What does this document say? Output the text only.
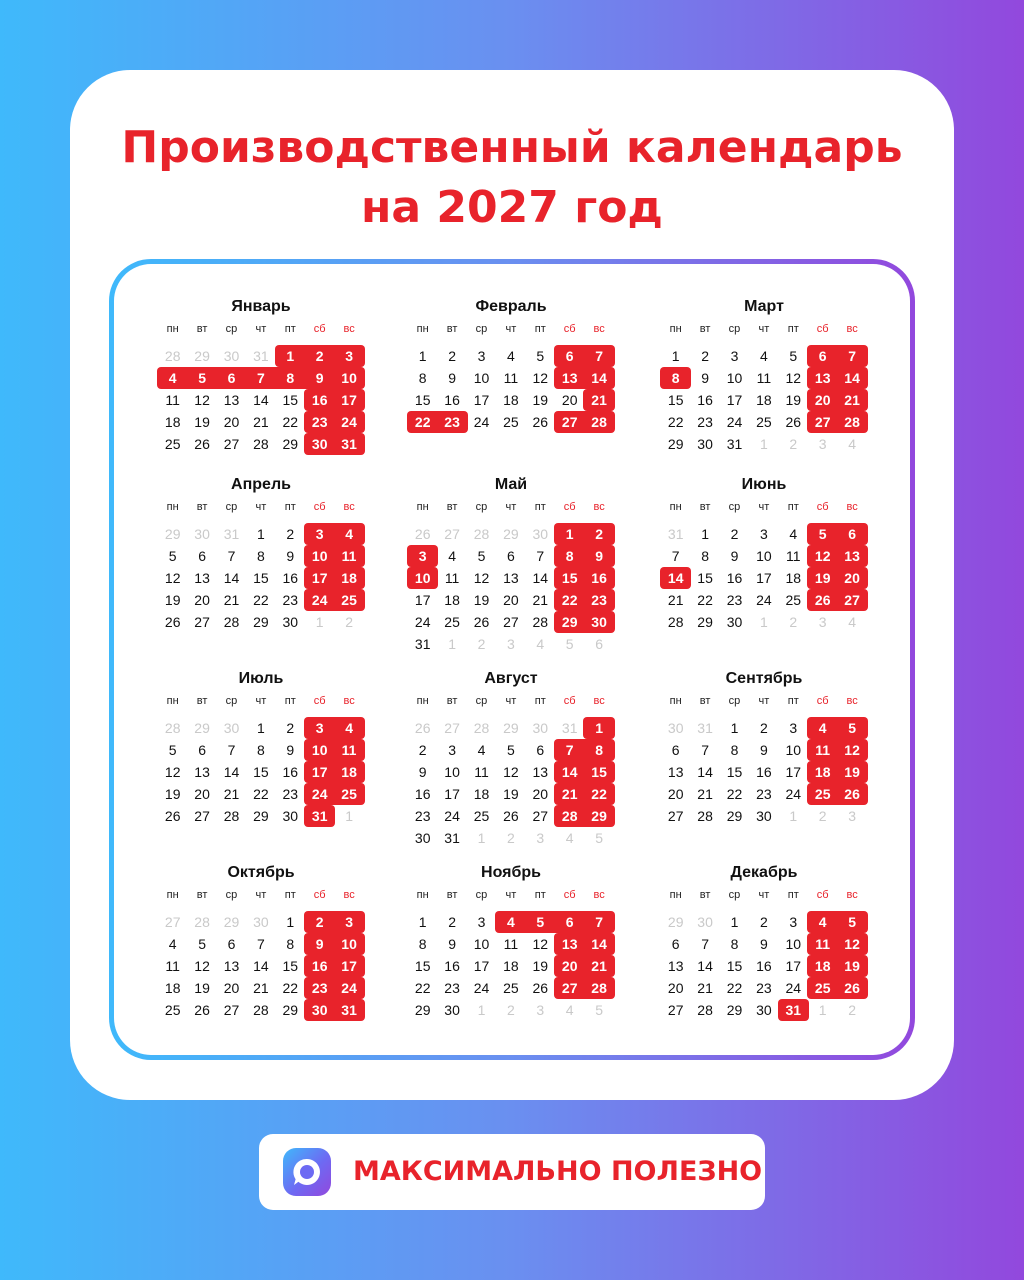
Производственный календарь
на 2027 год
Январь
пн	вт	ср	чт	пт	сб	вс
28 29 30 31	1	2	3
4	5	6	7	8	9	10
11	12 13 14 15 16 17
18 19 20 21 22 23 24
25 26 27 28 29 30 31
Февраль
пн	вт	ср	чт	пт	сб	вс
1	2	3	4	5	6	7
8	9	10	11	12 13 14
15 16 17 18 19 20 21
22 23 24 25 26 27 28
Март
пн	вт	ср	чт	пт	сб	вс
1	2	3	4	5	6	7
8	9	10	11	12 13 14
15 16 17 18 19 20 21
22 23 24 25 26 27 28
29 30 31	1	2	3	4
Апрель
пн	вт	ср	чт	пт	сб	вс
29 30 31	1	2	3	4
5	6	7	8	9	10	11
12 13 14 15 16 17 18
19 20 21 22 23 24 25
26 27 28 29 30	1	2
Май
пн	вт	ср	чт	пт	сб	вс
26 27 28 29 30	1	2
3	4	5	6	7	8	9
10	11	12 13 14 15 16
17 18 19 20 21 22 23
24 25 26 27 28 29 30
31	1	2	3	4	5	6
Июнь
пн	вт	ср	чт	пт	сб	вс
31	1	2	3	4	5	6
7	8	9	10	11	12 13
14 15 16 17 18 19 20
21 22 23 24 25 26 27
28 29 30	1	2	3	4
Июль
пн	вт	ср	чт	пт	сб	вс
28 29 30	1	2	3	4
5	6	7	8	9	10	11
12 13 14 15 16 17 18
19 20 21 22 23 24 25
26 27 28 29 30 31	1
Август
пн	вт	ср	чт	пт	сб	вс
26 27 28 29 30 31	1
2	3	4	5	6	7	8
9	10	11	12 13 14 15
16 17 18 19 20 21 22
23 24 25 26 27 28 29
30 31	1	2	3	4	5
Сентябрь
пн	вт	ср	чт	пт	сб	вс
30 31	1	2	3	4	5
6	7	8	9	10	11	12
13 14 15 16 17 18 19
20 21 22 23 24 25 26
27 28 29 30	1	2	3
Октябрь
пн	вт	ср	чт	пт	сб	вс
27 28 29 30	1	2	3
4	5	6	7	8	9	10
11	12 13 14 15 16 17
18 19 20 21 22 23 24
25 26 27 28 29 30 31
Ноябрь
пн	вт	ср	чт	пт	сб	вс
1	2	3	4	5	6	7
8	9	10	11	12 13 14
15 16 17 18 19 20 21
22 23 24 25 26 27 28
29 30	1	2	3	4	5
Декабрь
пн	вт	ср	чт	пт	сб	вс
29 30	1	2	3	4	5
6	7	8	9	10	11	12
13 14 15 16 17 18 19
20 21 22 23 24 25 26
27 28 29 30 31	1	2
МАКСИМАЛЬНО ПОЛЕЗНО
